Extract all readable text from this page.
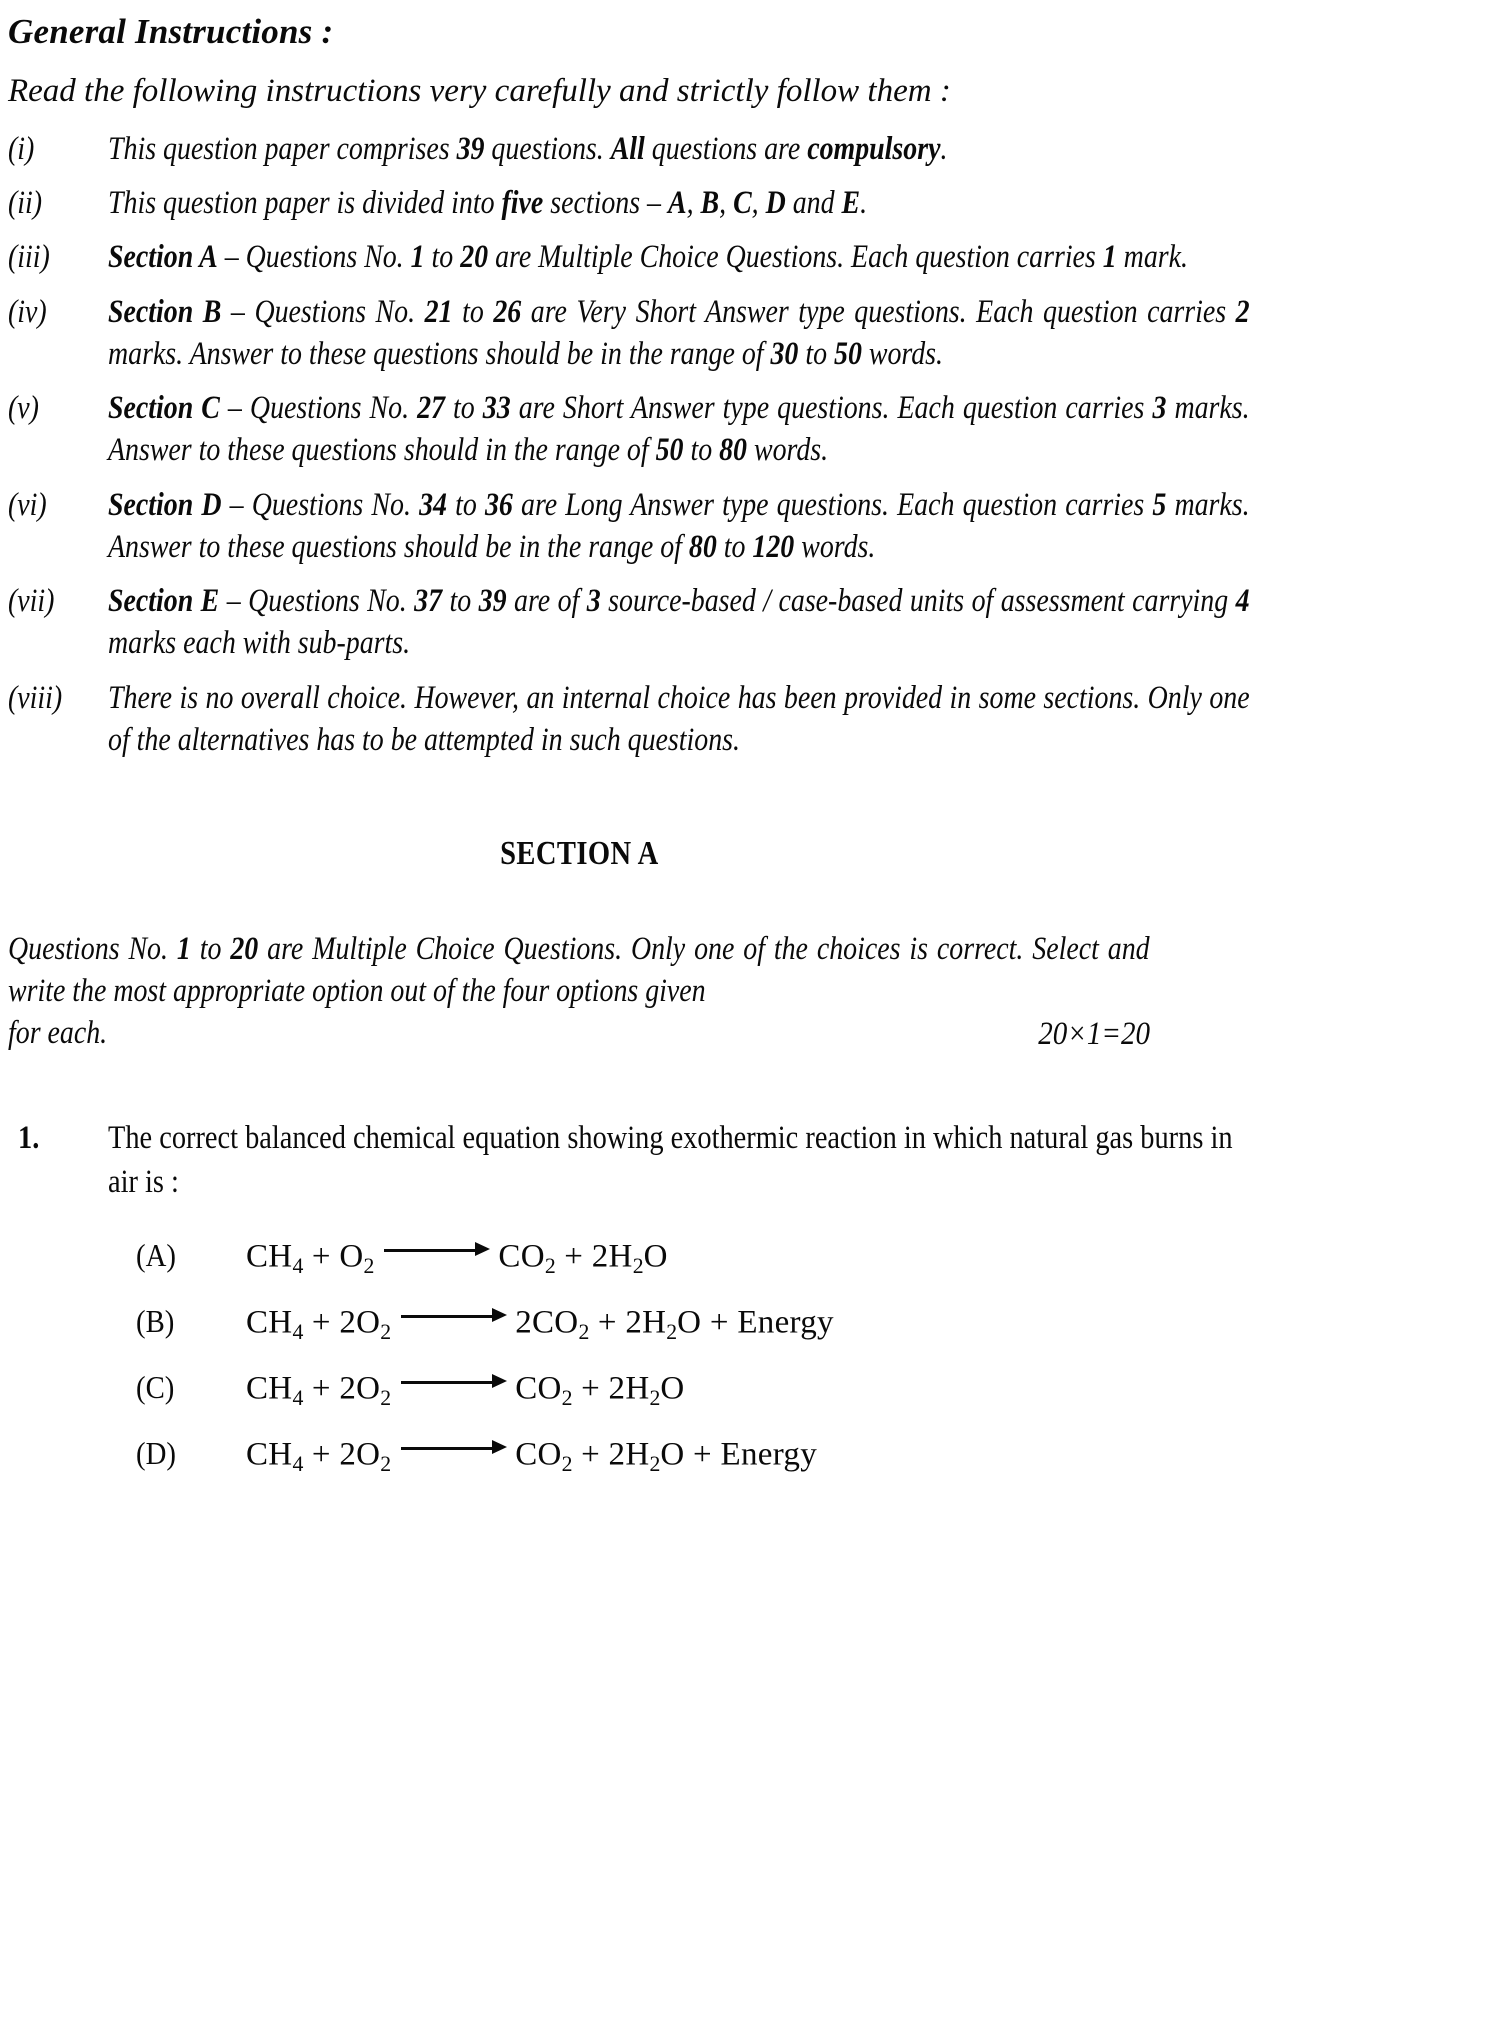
General Instructions :
Read the following instructions very carefully and strictly follow them :
(i)	This question paper comprises 39 questions. All questions are compulsory.
(ii)	This question paper is divided into five sections – A, B, C, D and E.
(iii)	Section A – Questions No. 1 to 20 are Multiple Choice Questions. Each question carries 1 mark.
(iv)	Section B – Questions No. 21 to 26 are Very Short Answer type questions. Each question carries 2 marks. Answer to these questions should be in the range of 30 to 50 words.
(v)	Section C – Questions No. 27 to 33 are Short Answer type questions. Each question carries 3 marks. Answer to these questions should in the range of 50 to 80 words.
(vi)	Section D – Questions No. 34 to 36 are Long Answer type questions. Each question carries 5 marks. Answer to these questions should be in the range of 80 to 120 words.
(vii)	Section E – Questions No. 37 to 39 are of 3 source-based / case-based units of assessment carrying 4 marks each with sub-parts.
(viii)	There is no overall choice. However, an internal choice has been provided in some sections. Only one of the alternatives has to be attempted in such questions.
SECTION A
Questions No. 1 to 20 are Multiple Choice Questions. Only one of the choices is correct. Select and write the most appropriate option out of the four options given
for each.	20×1=20
1. The correct balanced chemical equation showing exothermic reaction in which natural gas burns in air is :
(A) $CH_4 + O_2$	$CO_2 + 2H_2O$
(B) $CH_4 + 2O_2$	$2CO_2 + 2H_2O$ + Energy
(C) $CH_4 + 2O_2$	$CO_2 + 2H_2O$
(D) $CH_4 + 2O_2$	$CO_2 + 2H_2O$ + Energy
